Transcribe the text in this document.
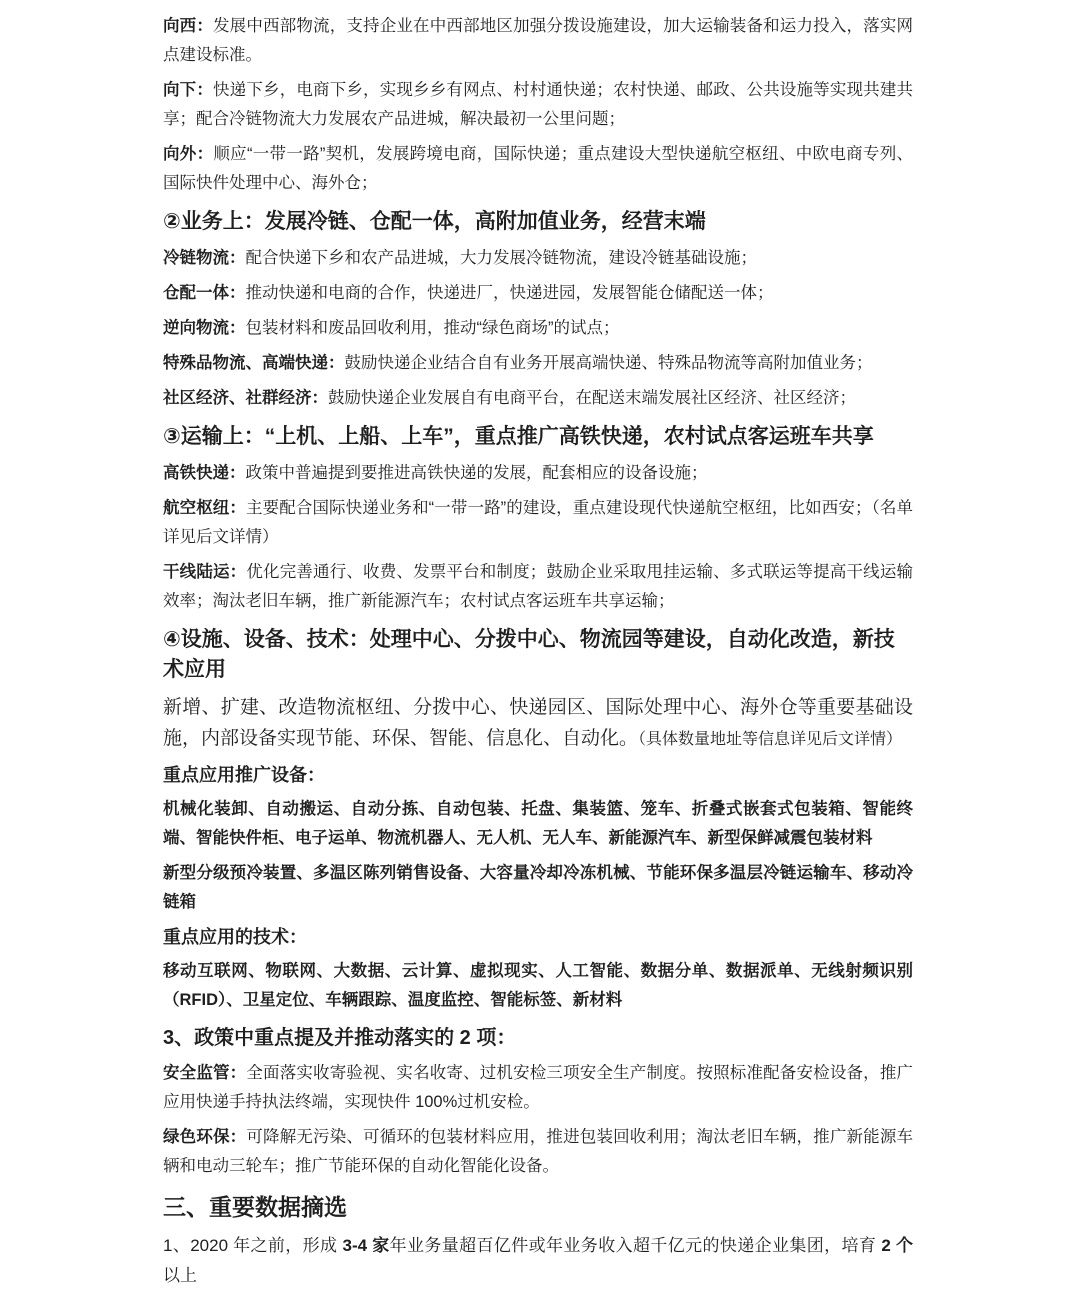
向西：发展中西部物流，支持企业在中西部地区加强分拨设施建设，加大运输装备和运力投入，落实网点建设标准。

向下：快递下乡，电商下乡，实现乡乡有网点、村村通快递；农村快递、邮政、公共设施等实现共建共享；配合冷链物流大力发展农产品进城，解决最初一公里问题；

向外：顺应“一带一路”契机，发展跨境电商，国际快递；重点建设大型快递航空枢纽、中欧电商专列、国际快件处理中心、海外仓；

②业务上：发展冷链、仓配一体，高附加值业务，经营末端

冷链物流：配合快递下乡和农产品进城，大力发展冷链物流，建设冷链基础设施；

仓配一体：推动快递和电商的合作，快递进厂，快递进园，发展智能仓储配送一体；

逆向物流：包装材料和废品回收利用，推动“绿色商场”的试点；

特殊品物流、高端快递：鼓励快递企业结合自有业务开展高端快递、特殊品物流等高附加值业务；

社区经济、社群经济：鼓励快递企业发展自有电商平台，在配送末端发展社区经济、社区经济；

③运输上：“上机、上船、上车”，重点推广高铁快递，农村试点客运班车共享

高铁快递：政策中普遍提到要推进高铁快递的发展，配套相应的设备设施；

航空枢纽：主要配合国际快递业务和“一带一路”的建设，重点建设现代快递航空枢纽，比如西安；（名单详见后文详情）

干线陆运：优化完善通行、收费、发票平台和制度；鼓励企业采取甩挂运输、多式联运等提高干线运输效率；淘汰老旧车辆，推广新能源汽车；农村试点客运班车共享运输；

④设施、设备、技术：处理中心、分拨中心、物流园等建设，自动化改造，新技术应用

新增、扩建、改造物流枢纽、分拨中心、快递园区、国际处理中心、海外仓等重要基础设施，内部设备实现节能、环保、智能、信息化、自动化。（具体数量地址等信息详见后文详情）

重点应用推广设备：

机械化装卸、自动搬运、自动分拣、自动包装、托盘、集装篮、笼车、折叠式嵌套式包装箱、智能终端、智能快件柜、电子运单、物流机器人、无人机、无人车、新能源汽车、新型保鲜减震包装材料

新型分级预冷装置、多温区陈列销售设备、大容量冷却冷冻机械、节能环保多温层冷链运输车、移动冷链箱

重点应用的技术：

移动互联网、物联网、大数据、云计算、虚拟现实、人工智能、数据分单、数据派单、无线射频识别（RFID）、卫星定位、车辆跟踪、温度监控、智能标签、新材料

3、政策中重点提及并推动落实的 2 项：

安全监管：全面落实收寄验视、实名收寄、过机安检三项安全生产制度。按照标准配备安检设备，推广应用快递手持执法终端，实现快件 100%过机安检。

绿色环保：可降解无污染、可循环的包装材料应用，推进包装回收利用；淘汰老旧车辆，推广新能源车辆和电动三轮车；推广节能环保的自动化智能化设备。

三、重要数据摘选

1、2020 年之前，形成 3-4 家年业务量超百亿件或年业务收入超千亿元的快递企业集团，培育 2 个以上
